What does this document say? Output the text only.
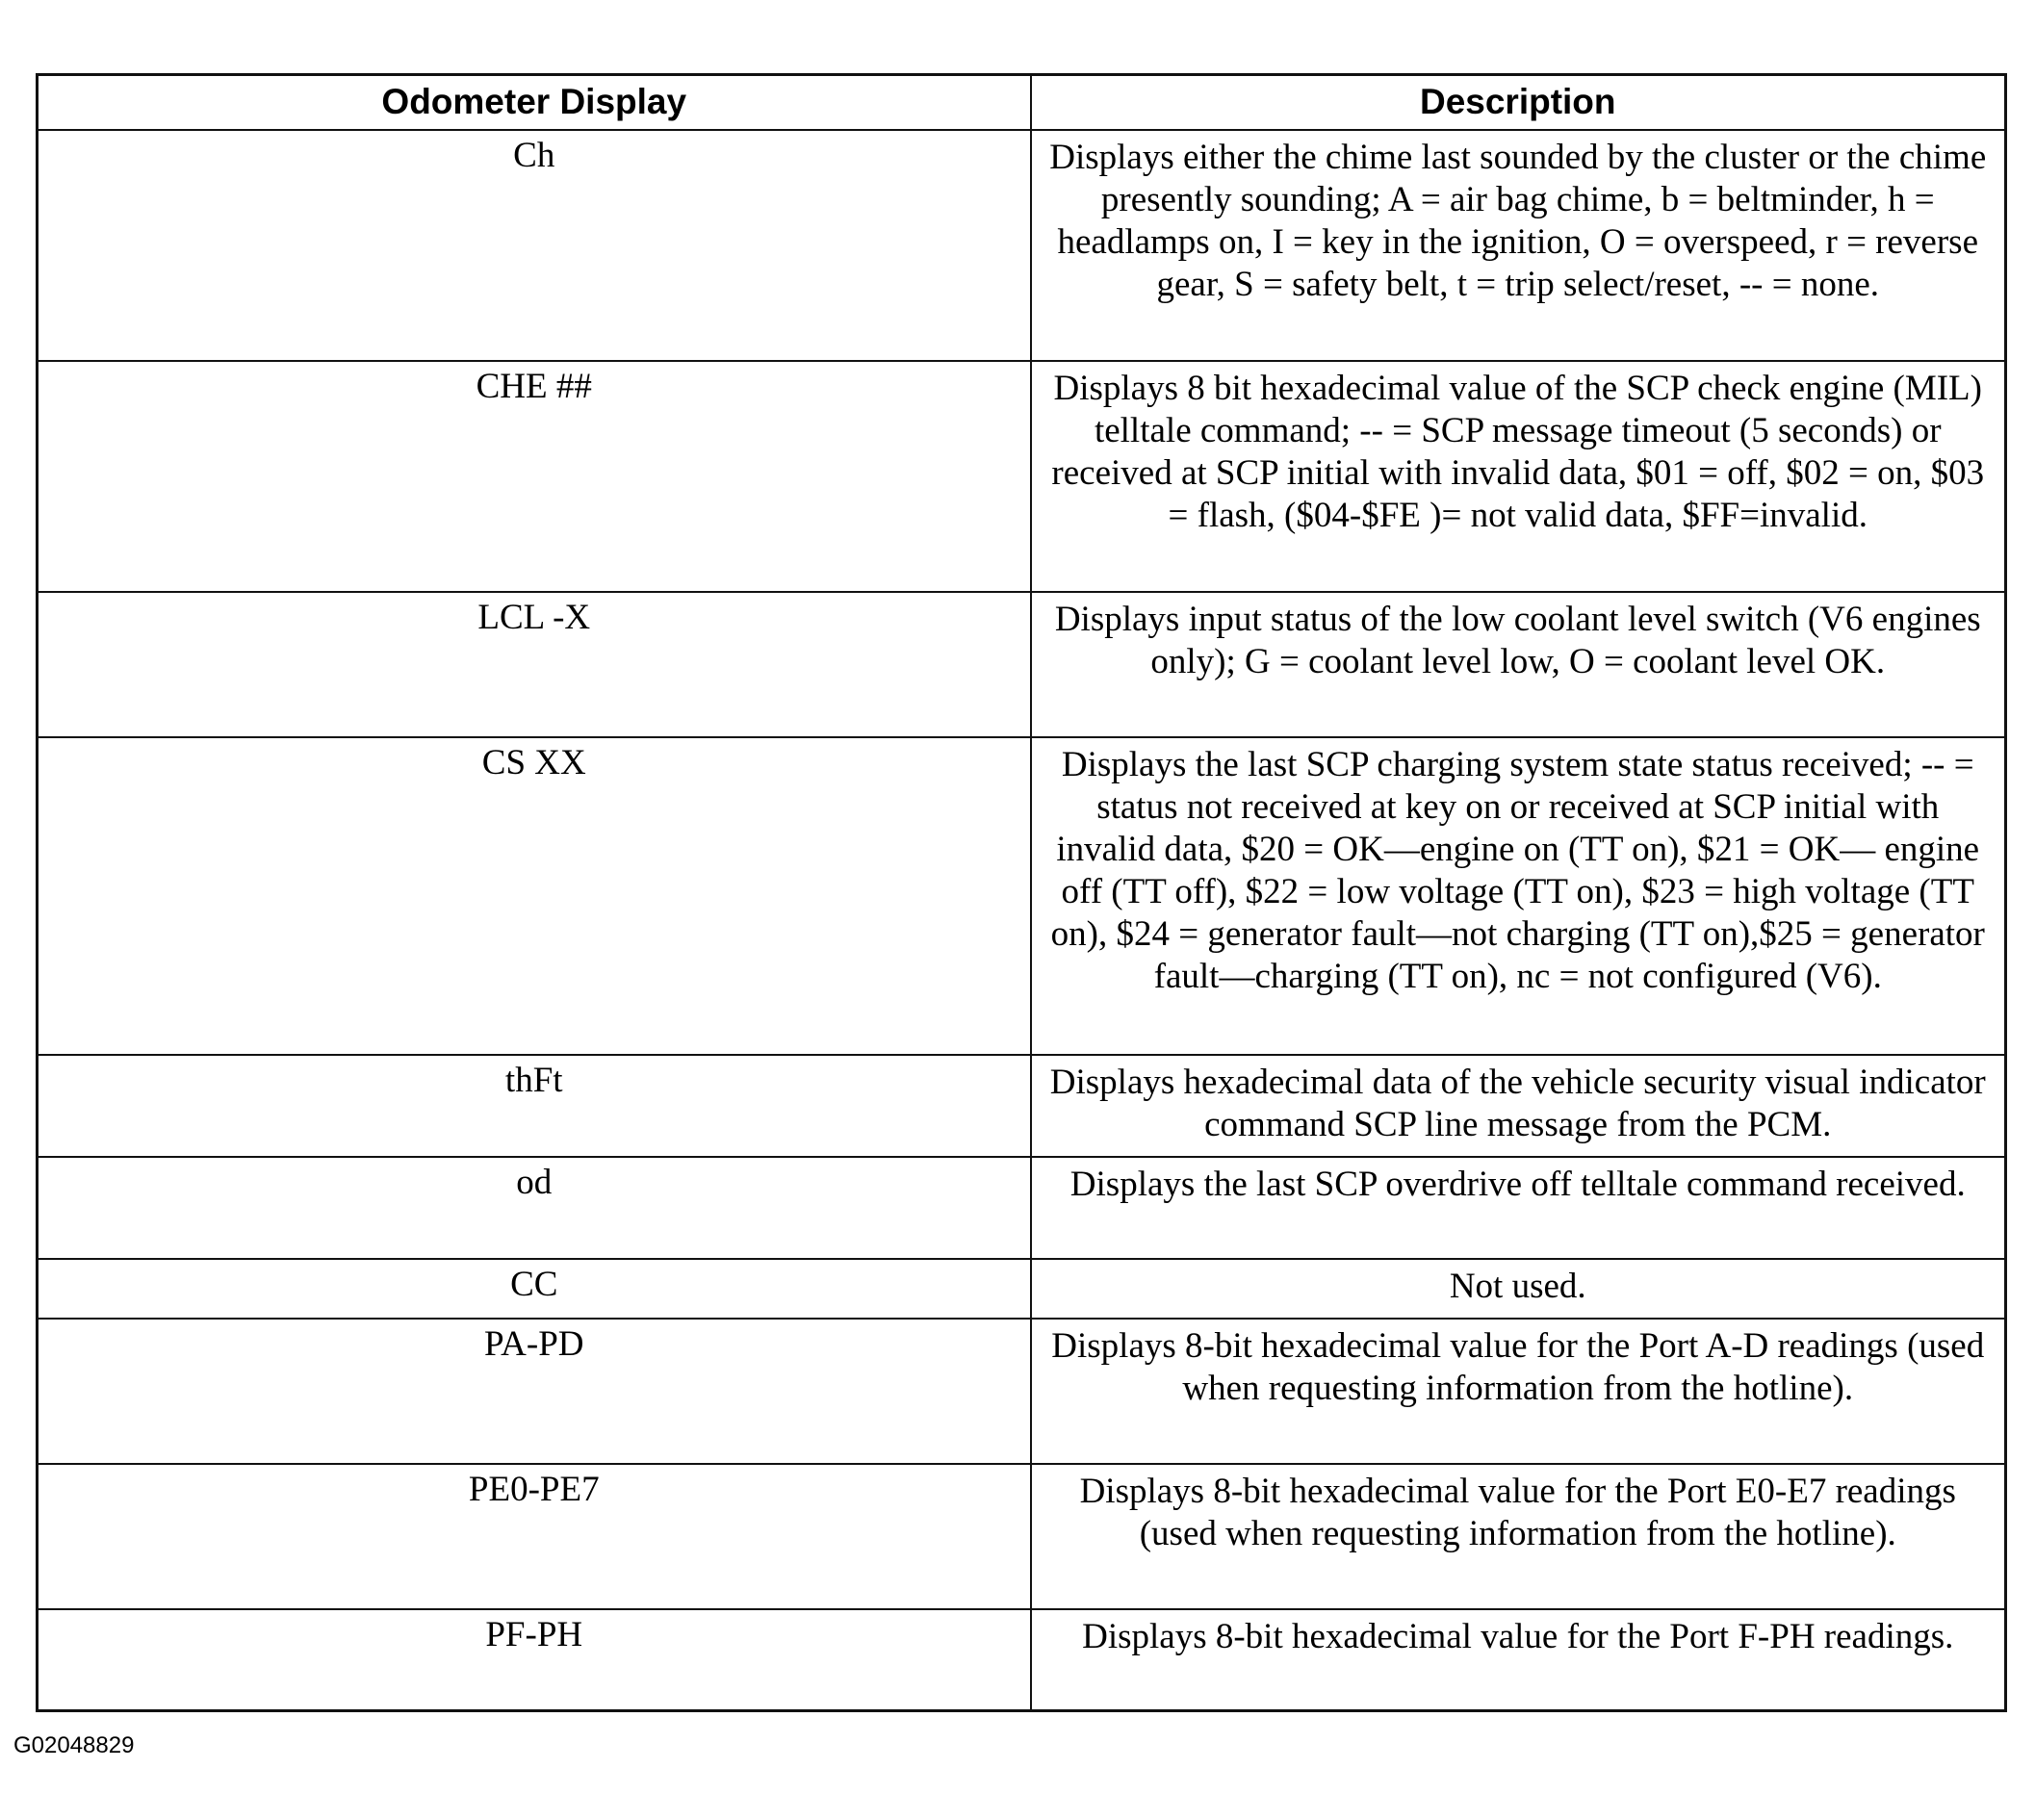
Odometer Display	Description
Ch	Displays either the chime last sounded by the cluster or the chime presently sounding; A = air bag chime, b = beltminder, h = headlamps on, I = key in the ignition, O = overspeed, r = reverse gear, S = safety belt, t = trip select/reset, -- = none.
CHE ##	Displays 8 bit hexadecimal value of the SCP check engine (MIL) telltale command; -- = SCP message timeout (5 seconds) or received at SCP initial with invalid data, $01 = off, $02 = on, $03 = flash, ($04-$FE )= not valid data, $FF=invalid.
LCL -X	Displays input status of the low coolant level switch (V6 engines only); G = coolant level low, O = coolant level OK.
CS XX	Displays the last SCP charging system state status received; -- = status not received at key on or received at SCP initial with invalid data, $20 = OK—engine on (TT on), $21 = OK— engine off (TT off), $22 = low voltage (TT on), $23 = high voltage (TT on), $24 = generator fault—not charging (TT on),$25 = generator fault—charging (TT on), nc = not configured (V6).
thFt	Displays hexadecimal data of the vehicle security visual indicator command SCP line message from the PCM.
od	Displays the last SCP overdrive off telltale command received.
CC	Not used.
PA-PD	Displays 8-bit hexadecimal value for the Port A-D readings (used when requesting information from the hotline).
PE0-PE7	Displays 8-bit hexadecimal value for the Port E0-E7 readings (used when requesting information from the hotline).
PF-PH	Displays 8-bit hexadecimal value for the Port F-PH readings.
G02048829
